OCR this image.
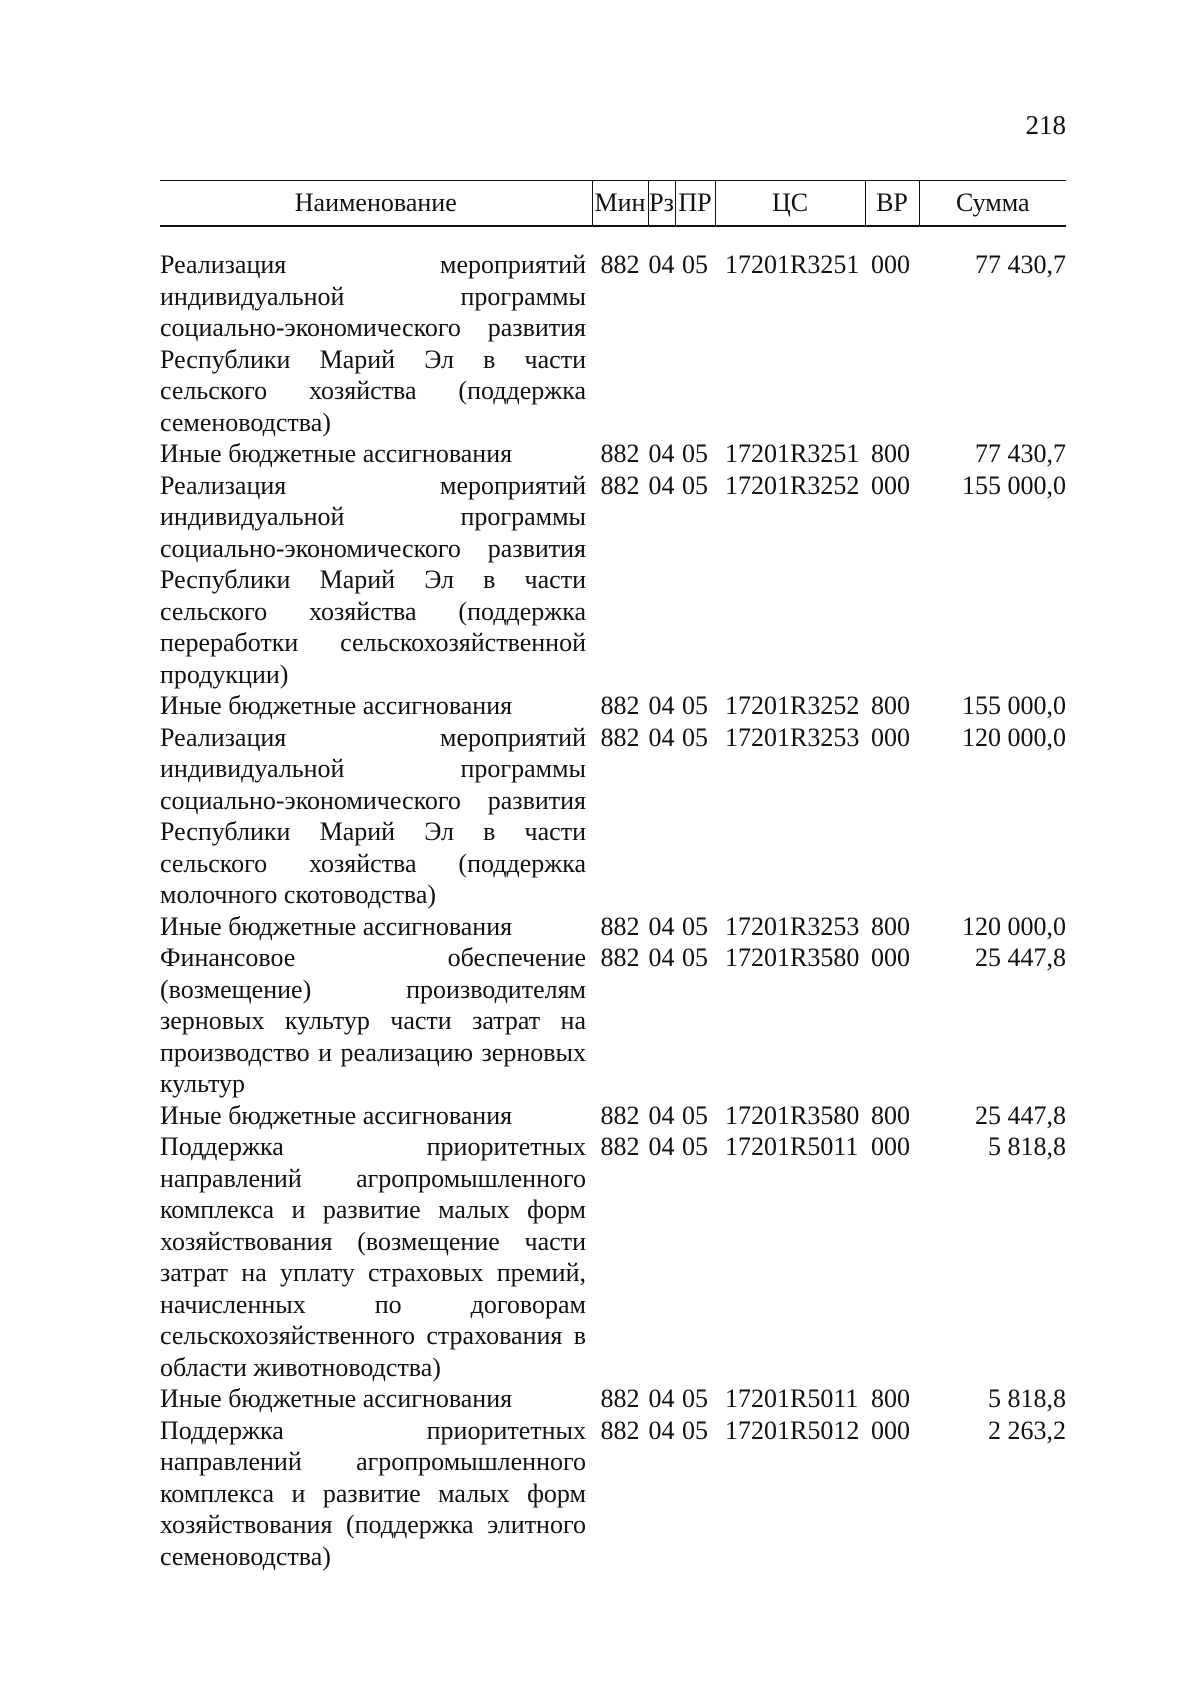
218
Наименование	Мин	Рз	ПР	ЦС	ВР	Сумма

Реализация мероприятий индивидуальной программы социально-экономического развития Республики Марий Эл в части сельского хозяйства (поддержка семеноводства)	882	04	05	17201R3251	000	77 430,7
Иные бюджетные ассигнования	882	04	05	17201R3251	800	77 430,7
Реализация мероприятий индивидуальной программы социально-экономического развития Республики Марий Эл в части сельского хозяйства (поддержка переработки сельскохозяйственной продукции)	882	04	05	17201R3252	000	155 000,0
Иные бюджетные ассигнования	882	04	05	17201R3252	800	155 000,0
Реализация мероприятий индивидуальной программы социально-экономического развития Республики Марий Эл в части сельского хозяйства (поддержка молочного скотоводства)	882	04	05	17201R3253	000	120 000,0
Иные бюджетные ассигнования	882	04	05	17201R3253	800	120 000,0
Финансовое обеспечение (возмещение) производителям зерновых культур части затрат на производство и реализацию зерновых культур	882	04	05	17201R3580	000	25 447,8
Иные бюджетные ассигнования	882	04	05	17201R3580	800	25 447,8
Поддержка приоритетных направлений агропромышленного комплекса и развитие малых форм хозяйствования (возмещение части затрат на уплату страховых премий, начисленных по договорам сельскохозяйственного страхования в области животноводства)	882	04	05	17201R5011	000	5 818,8
Иные бюджетные ассигнования	882	04	05	17201R5011	800	5 818,8
Поддержка приоритетных направлений агропромышленного комплекса и развитие малых форм хозяйствования (поддержка элитного семеноводства)	882	04	05	17201R5012	000	2 263,2
